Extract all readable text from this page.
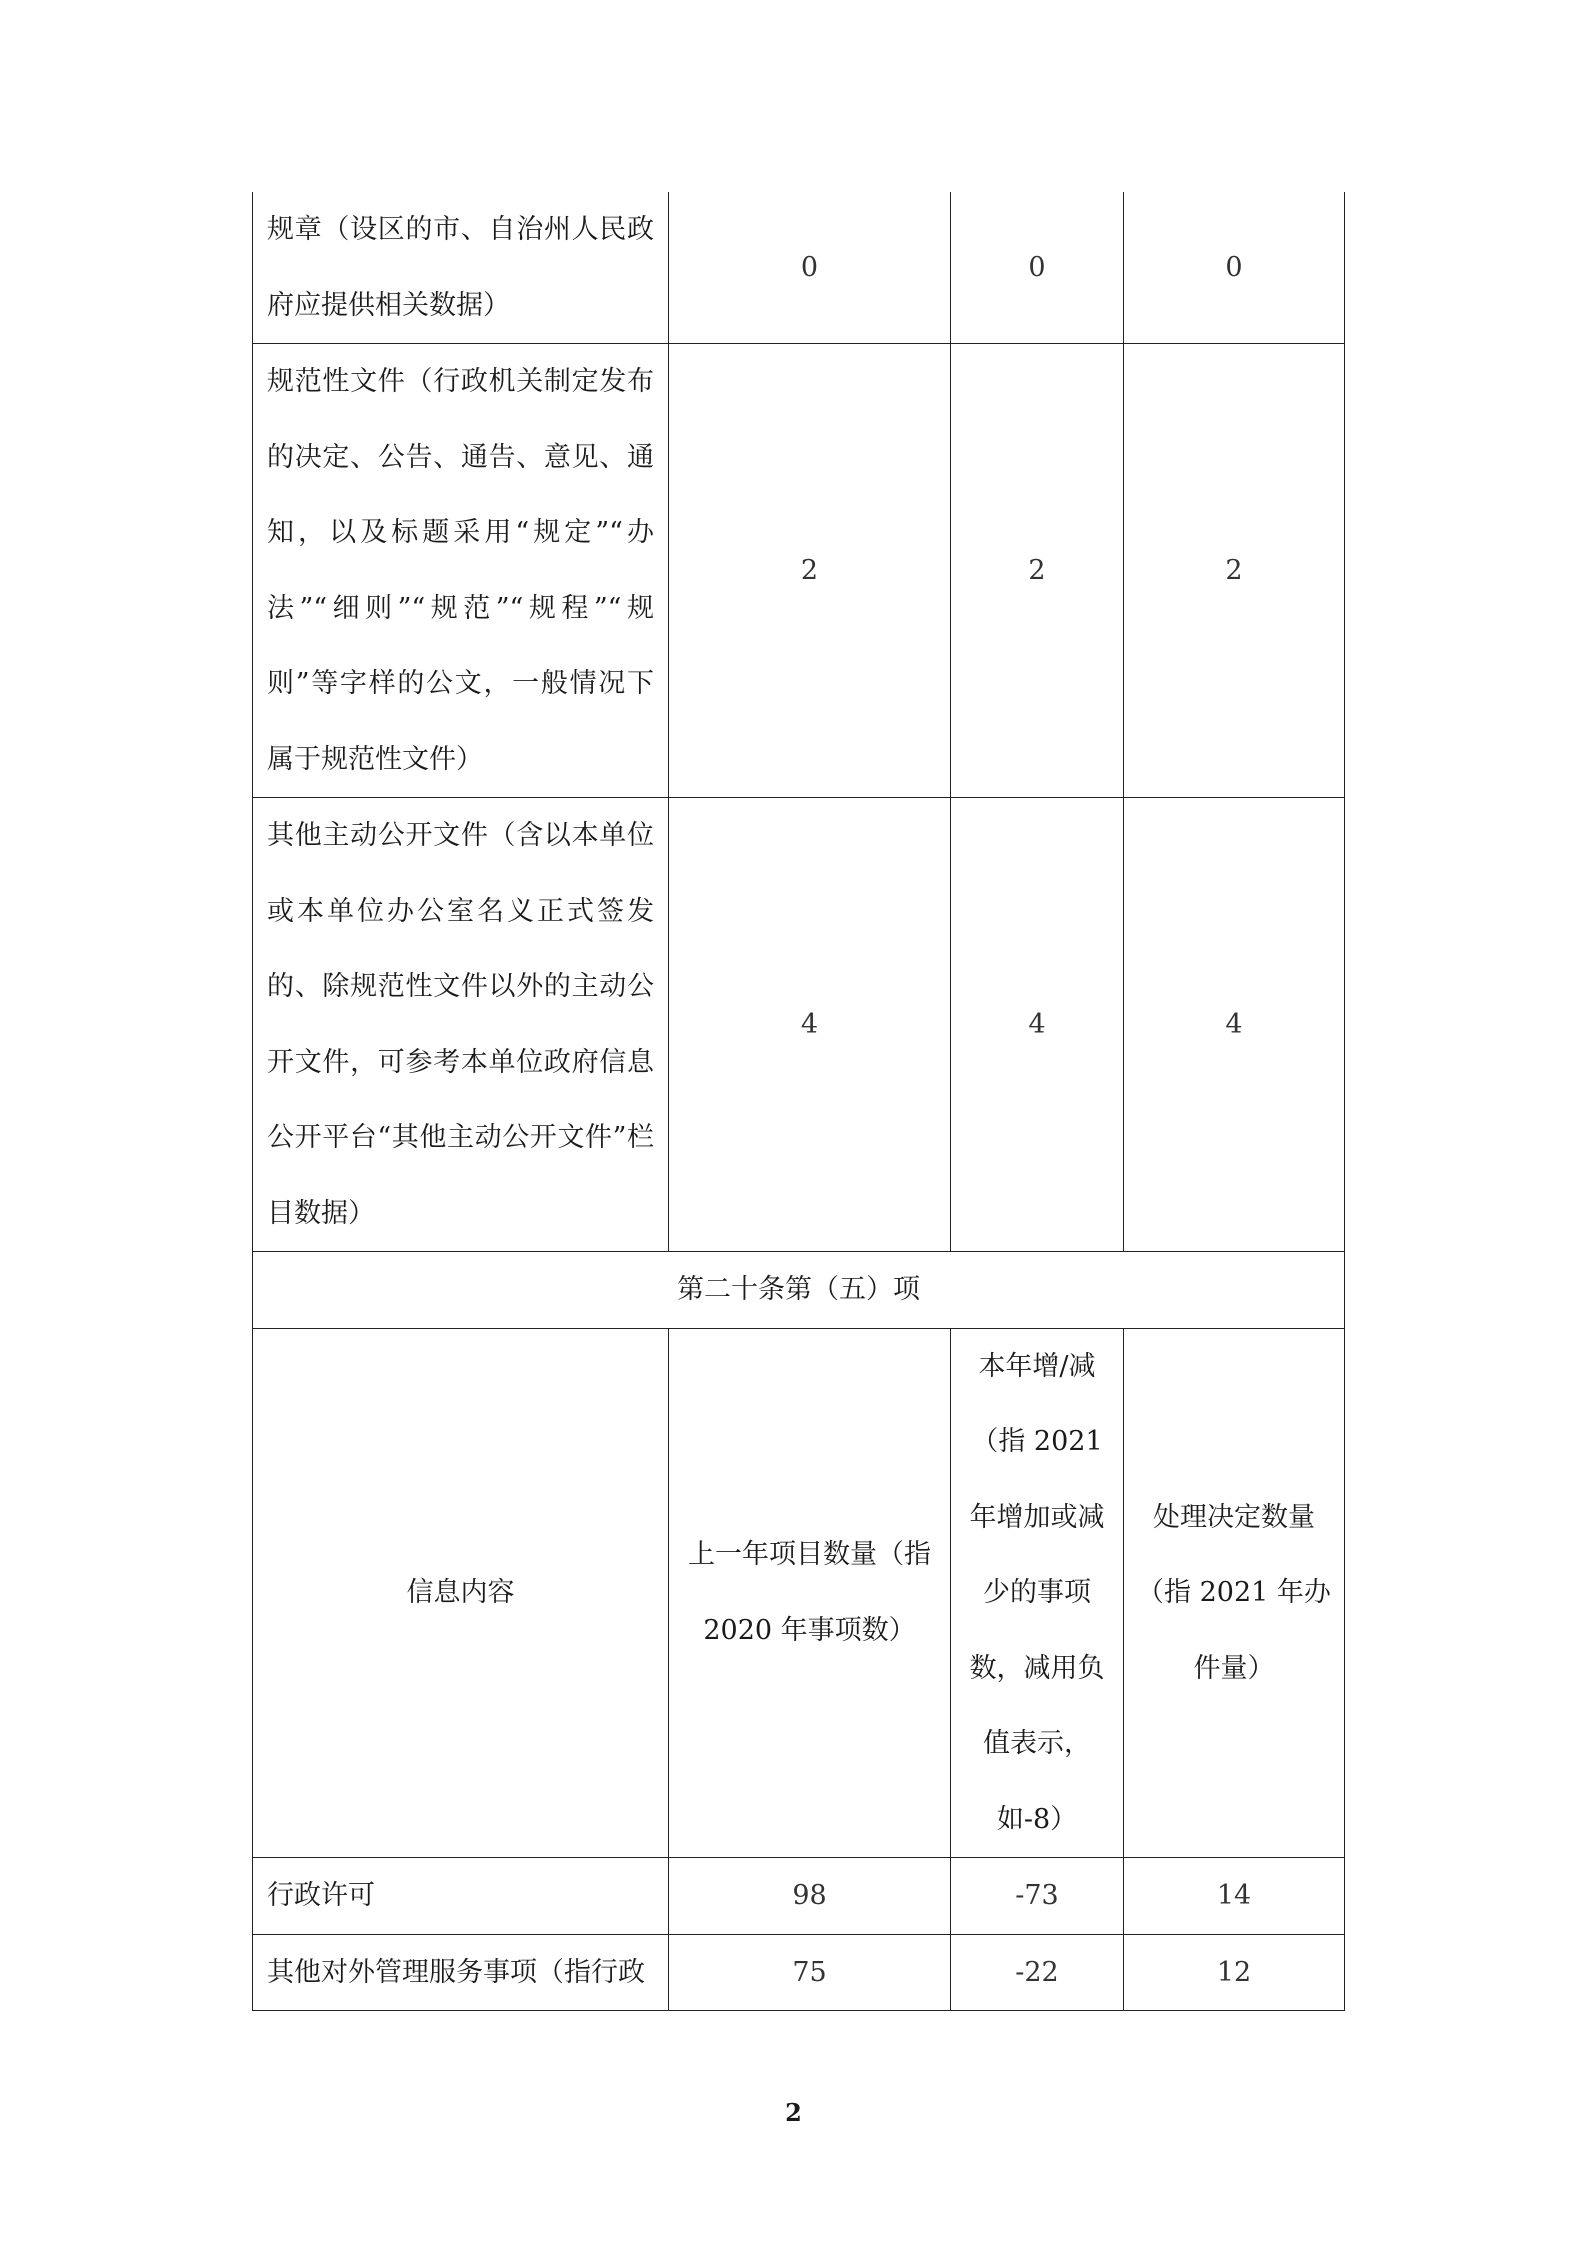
规章（设区的市、自治州人民政府应提供相关数据）	0	0	0
规范性文件（行政机关制定发布的决定、公告、通告、意见、通知，以及标题采用“规定”“办法”“细则”“规范”“规程”“规则”等字样的公文，一般情况下属于规范性文件）	2	2	2
其他主动公开文件（含以本单位或本单位办公室名义正式签发的、除规范性文件以外的主动公开文件，可参考本单位政府信息公开平台“其他主动公开文件”栏目数据）	4	4	4
第二十条第（五）项			
信息内容	上一年项目数量（指 2020 年事项数）	本年增/减（指 2021 年增加或减少的事项数，减用负值表示，如-8）	处理决定数量（指 2021 年办件量）
行政许可	98	-73	14
其他对外管理服务事项（指行政	75	-22	12
2
